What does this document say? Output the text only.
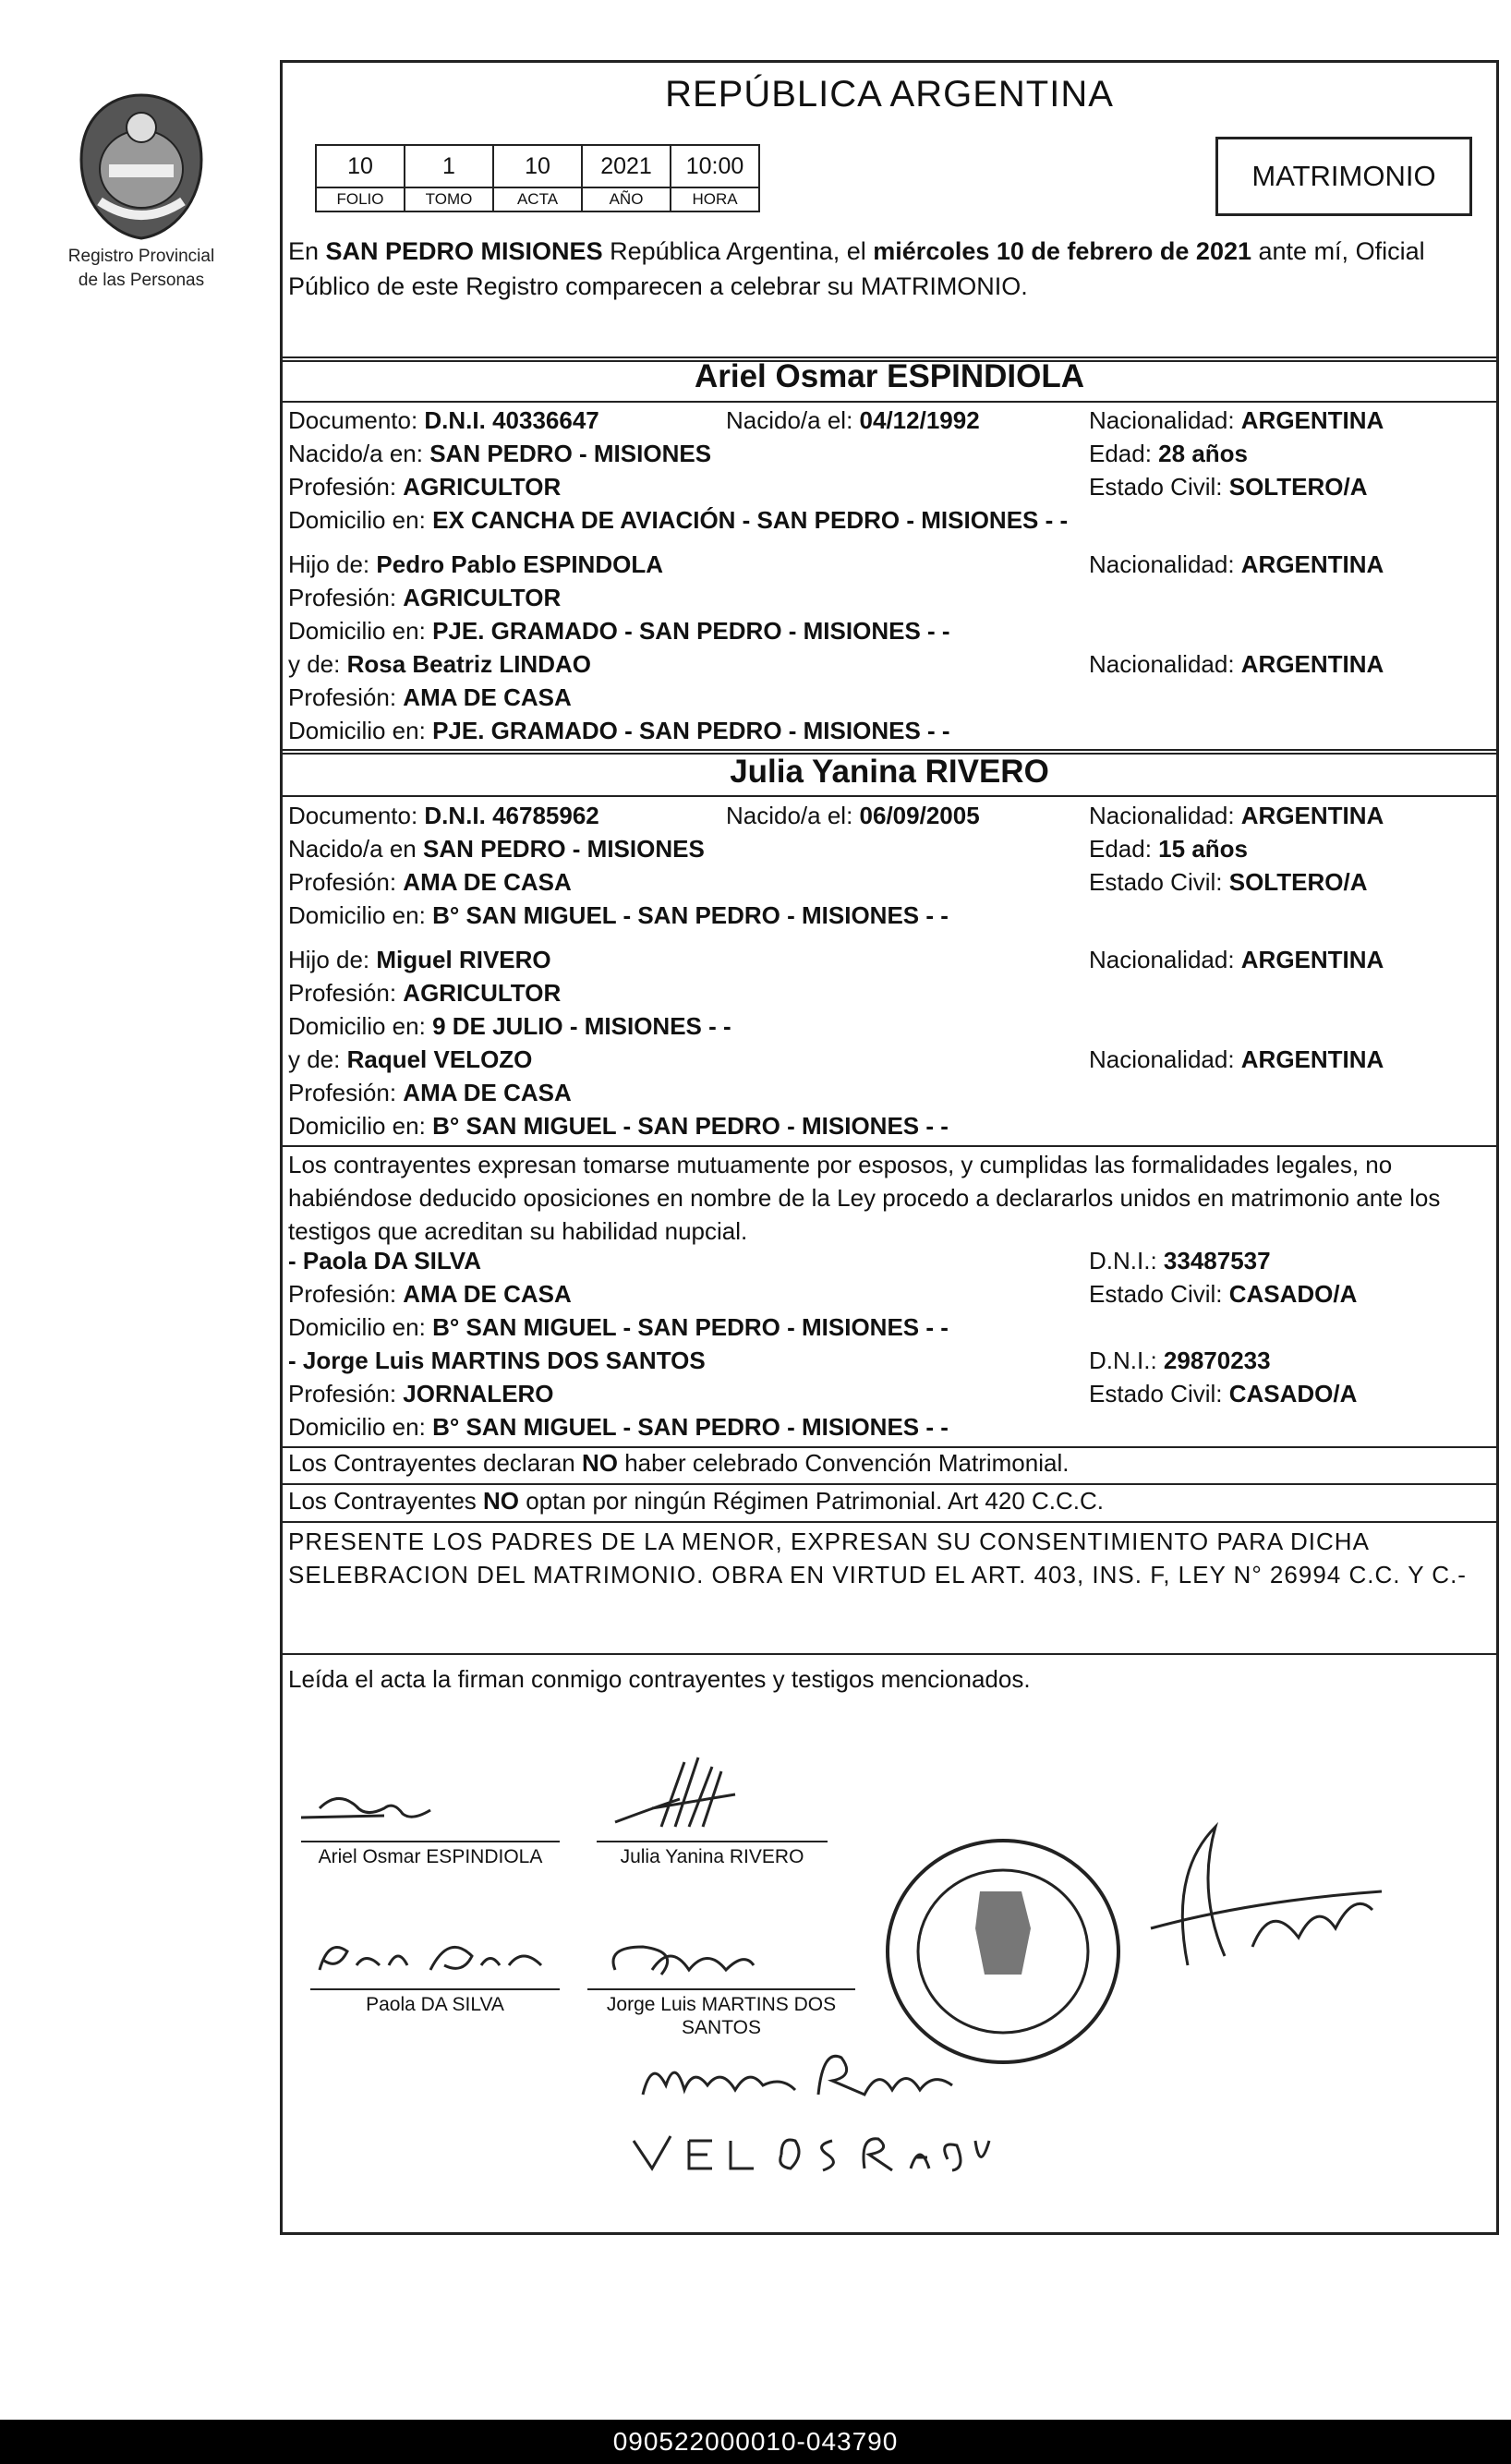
Registro Provincial
de las Personas
REPÚBLICA ARGENTINA
10	1	10	2021	10:00
FOLIO	TOMO	ACTA	AÑO	HORA
MATRIMONIO
En SAN PEDRO MISIONES República Argentina, el miércoles 10 de febrero de 2021 ante mí, Oficial Público de este Registro comparecen a celebrar su MATRIMONIO.
Ariel Osmar ESPINDIOLA
Documento: D.N.I. 40336647	Nacido/a el: 04/12/1992	Nacionalidad: ARGENTINA
Nacido/a en: SAN PEDRO - MISIONES	Edad: 28 años
Profesión: AGRICULTOR	Estado Civil: SOLTERO/A
Domicilio en: EX CANCHA DE AVIACIÓN - SAN PEDRO - MISIONES - -
Hijo de: Pedro Pablo ESPINDOLA	Nacionalidad: ARGENTINA
Profesión: AGRICULTOR
Domicilio en: PJE. GRAMADO - SAN PEDRO - MISIONES - -
y de: Rosa Beatriz LINDAO	Nacionalidad: ARGENTINA
Profesión: AMA DE CASA
Domicilio en: PJE. GRAMADO - SAN PEDRO - MISIONES - -
Julia Yanina RIVERO
Documento: D.N.I. 46785962	Nacido/a el: 06/09/2005	Nacionalidad: ARGENTINA
Nacido/a en SAN PEDRO - MISIONES	Edad: 15 años
Profesión: AMA DE CASA	Estado Civil: SOLTERO/A
Domicilio en: B° SAN MIGUEL - SAN PEDRO - MISIONES - -
Hijo de: Miguel RIVERO	Nacionalidad: ARGENTINA
Profesión: AGRICULTOR
Domicilio en: 9 DE JULIO - MISIONES - -
y de: Raquel VELOZO	Nacionalidad: ARGENTINA
Profesión: AMA DE CASA
Domicilio en: B° SAN MIGUEL - SAN PEDRO - MISIONES - -
Los contrayentes expresan tomarse mutuamente por esposos, y cumplidas las formalidades legales, no habiéndose deducido oposiciones en nombre de la Ley procedo a declararlos unidos en matrimonio ante los testigos que acreditan su habilidad nupcial.
- Paola DA SILVA	D.N.I.: 33487537
Profesión: AMA DE CASA	Estado Civil: CASADO/A
Domicilio en: B° SAN MIGUEL - SAN PEDRO - MISIONES - -
- Jorge Luis MARTINS DOS SANTOS	D.N.I.: 29870233
Profesión: JORNALERO	Estado Civil: CASADO/A
Domicilio en: B° SAN MIGUEL - SAN PEDRO - MISIONES - -
Los Contrayentes declaran NO haber celebrado Convención Matrimonial.
Los Contrayentes NO optan por ningún Régimen Patrimonial. Art 420 C.C.C.
PRESENTE LOS PADRES DE LA MENOR, EXPRESAN SU CONSENTIMIENTO PARA DICHA SELEBRACION DEL MATRIMONIO. OBRA EN VIRTUD EL ART. 403, INS. F, LEY N° 26994 C.C. Y C.-
Leída el acta la firman conmigo contrayentes y testigos mencionados.
Ariel Osmar ESPINDIOLA	Julia Yanina RIVERO
Paola DA SILVA	Jorge Luis MARTINS DOS
SANTOS
090522000010-043790
